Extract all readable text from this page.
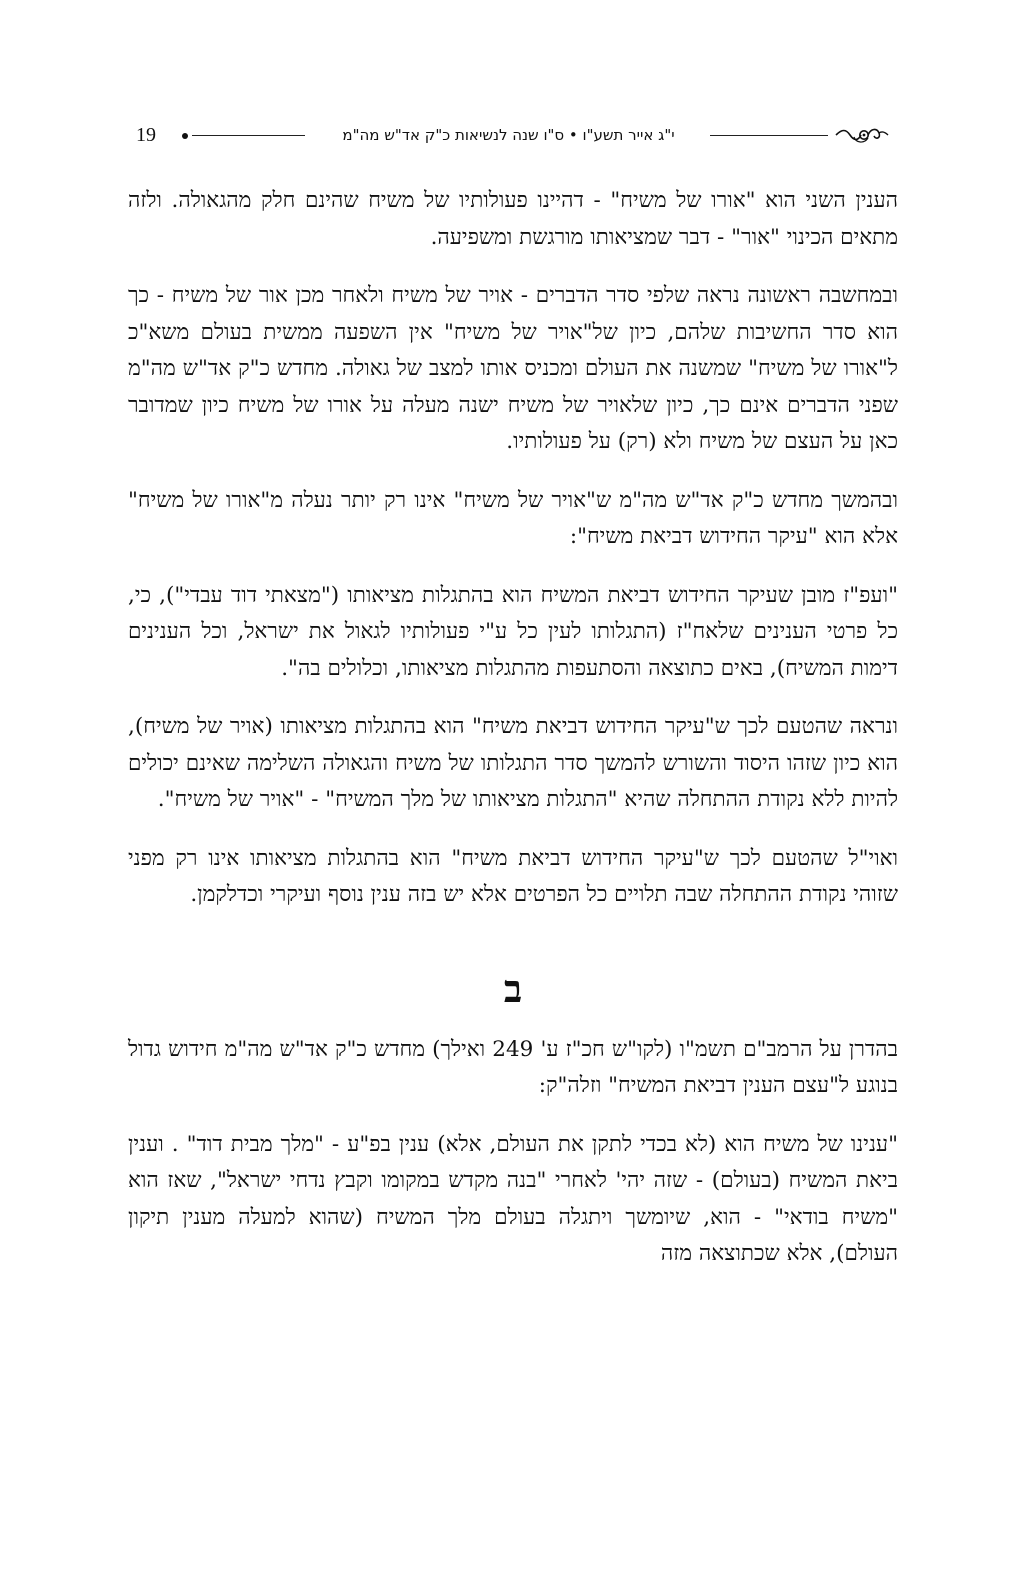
19	י"ג אייר תשע"ו • ס"ו שנה לנשיאות כ"ק אד"ש מה"מ

הענין השני הוא "אורו של משיח" - דהיינו פעולותיו של משיח שהינם חלק מהגאולה. ולזה מתאים הכינוי "אור" - דבר שמציאותו מורגשת ומשפיעה.

ובמחשבה ראשונה נראה שלפי סדר הדברים - אויר של משיח ולאחר מכן אור של משיח - כך הוא סדר החשיבות שלהם, כיון של"אויר של משיח" אין השפעה ממשית בעולם משא"כ ל"אורו של משיח" שמשנה את העולם ומכניס אותו למצב של גאולה. מחדש כ"ק אד"ש מה"מ שפני הדברים אינם כך, כיון שלאויר של משיח ישנה מעלה על אורו של משיח כיון שמדובר כאן על העצם של משיח ולא (רק) על פעולותיו.

ובהמשך מחדש כ"ק אד"ש מה"מ ש"אויר של משיח" אינו רק יותר נעלה מ"אורו של משיח" אלא הוא "עיקר החידוש דביאת משיח":

"ועפ"ז מובן שעיקר החידוש דביאת המשיח הוא בהתגלות מציאותו ("מצאתי דוד עבדי"), כי, כל פרטי הענינים שלאח"ז (התגלותו לעין כל ע"י פעולותיו לגאול את ישראל, וכל הענינים דימות המשיח), באים כתוצאה והסתעפות מהתגלות מציאותו, וכלולים בה".

ונראה שהטעם לכך ש"עיקר החידוש דביאת משיח" הוא בהתגלות מציאותו (אויר של משיח), הוא כיון שזהו היסוד והשורש להמשך סדר התגלותו של משיח והגאולה השלימה שאינם יכולים להיות ללא נקודת ההתחלה שהיא "התגלות מציאותו של מלך המשיח" - "אויר של משיח".

ואוי"ל שהטעם לכך ש"עיקר החידוש דביאת משיח" הוא בהתגלות מציאותו אינו רק מפני שזוהי נקודת ההתחלה שבה תלויים כל הפרטים אלא יש בזה ענין נוסף ועיקרי וכדלקמן.

ב

בהדרן על הרמב"ם תשמ"ו (לקו"ש חכ"ז ע' 249 ואילך) מחדש כ"ק אד"ש מה"מ חידוש גדול בנוגע ל"עצם הענין דביאת המשיח" וזלה"ק:

"ענינו של משיח הוא (לא בכדי לתקן את העולם, אלא) ענין בפ"ע - "מלך מבית דוד" . וענין ביאת המשיח (בעולם) - שזה יהי' לאחרי "בנה מקדש במקומו וקבץ נדחי ישראל", שאז הוא "משיח בודאי" - הוא, שיומשך ויתגלה בעולם מלך המשיח (שהוא למעלה מענין תיקון העולם), אלא שכתוצאה מזה
